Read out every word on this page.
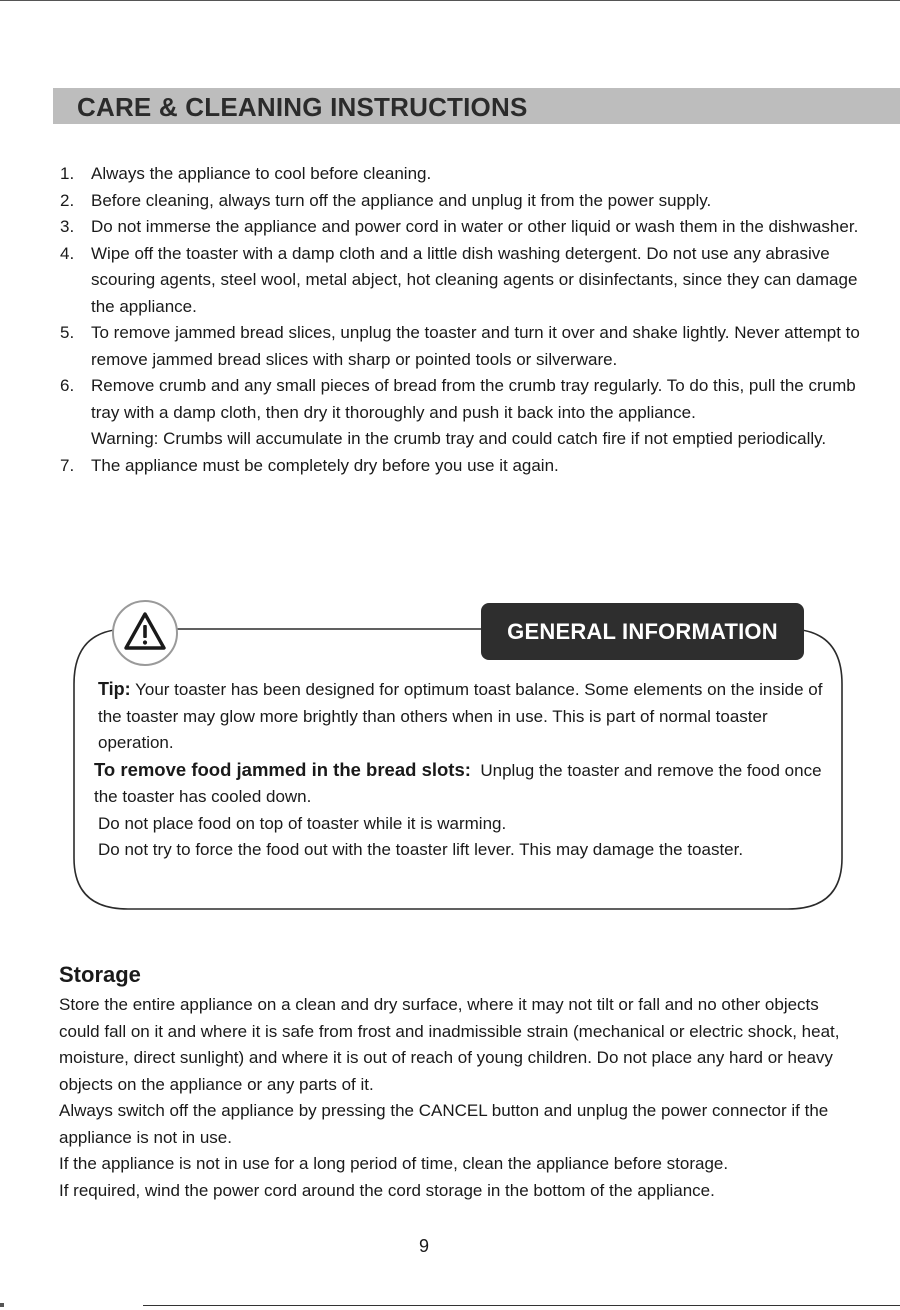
CARE & CLEANING INSTRUCTIONS
1. Always the appliance to cool before cleaning.
2. Before cleaning, always turn off the appliance and unplug it from the power supply.
3. Do not immerse the appliance and power cord in water or other liquid or wash them in the dishwasher.
4. Wipe off the toaster with a damp cloth and a little dish washing detergent. Do not use any abrasive scouring agents, steel wool, metal abject, hot cleaning agents or disinfectants, since they can damage the appliance.
5. To remove jammed bread slices, unplug the toaster and turn it over and shake lightly. Never attempt to remove jammed bread slices with sharp or pointed tools or silverware.
6. Remove crumb and any small pieces of bread from the crumb tray regularly. To do this, pull the crumb tray with a damp cloth, then dry it thoroughly and push it back into the appliance.
Warning: Crumbs will accumulate in the crumb tray and could catch fire if not emptied periodically.
7. The appliance must be completely dry before you use it again.
GENERAL INFORMATION

Tip: Your toaster has been designed for optimum toast balance. Some elements on the inside of the toaster may glow more brightly than others when in use. This is part of normal toaster operation.

To remove food jammed in the bread slots: Unplug the toaster and remove the food once the toaster has cooled down.

Do not place food on top of toaster while it is warming.

Do not try to force the food out with the toaster lift lever. This may damage the toaster.

Storage

Store the entire appliance on a clean and dry surface, where it may not tilt or fall and no other objects could fall on it and where it is safe from frost and inadmissible strain (mechanical or electric shock, heat, moisture, direct sunlight) and where it is out of reach of young children. Do not place any hard or heavy objects on the appliance or any parts of it.

Always switch off the appliance by pressing the CANCEL button and unplug the power connector if the appliance is not in use.

If the appliance is not in use for a long period of time, clean the appliance before storage.

If required, wind the power cord around the cord storage in the bottom of the appliance.

9
